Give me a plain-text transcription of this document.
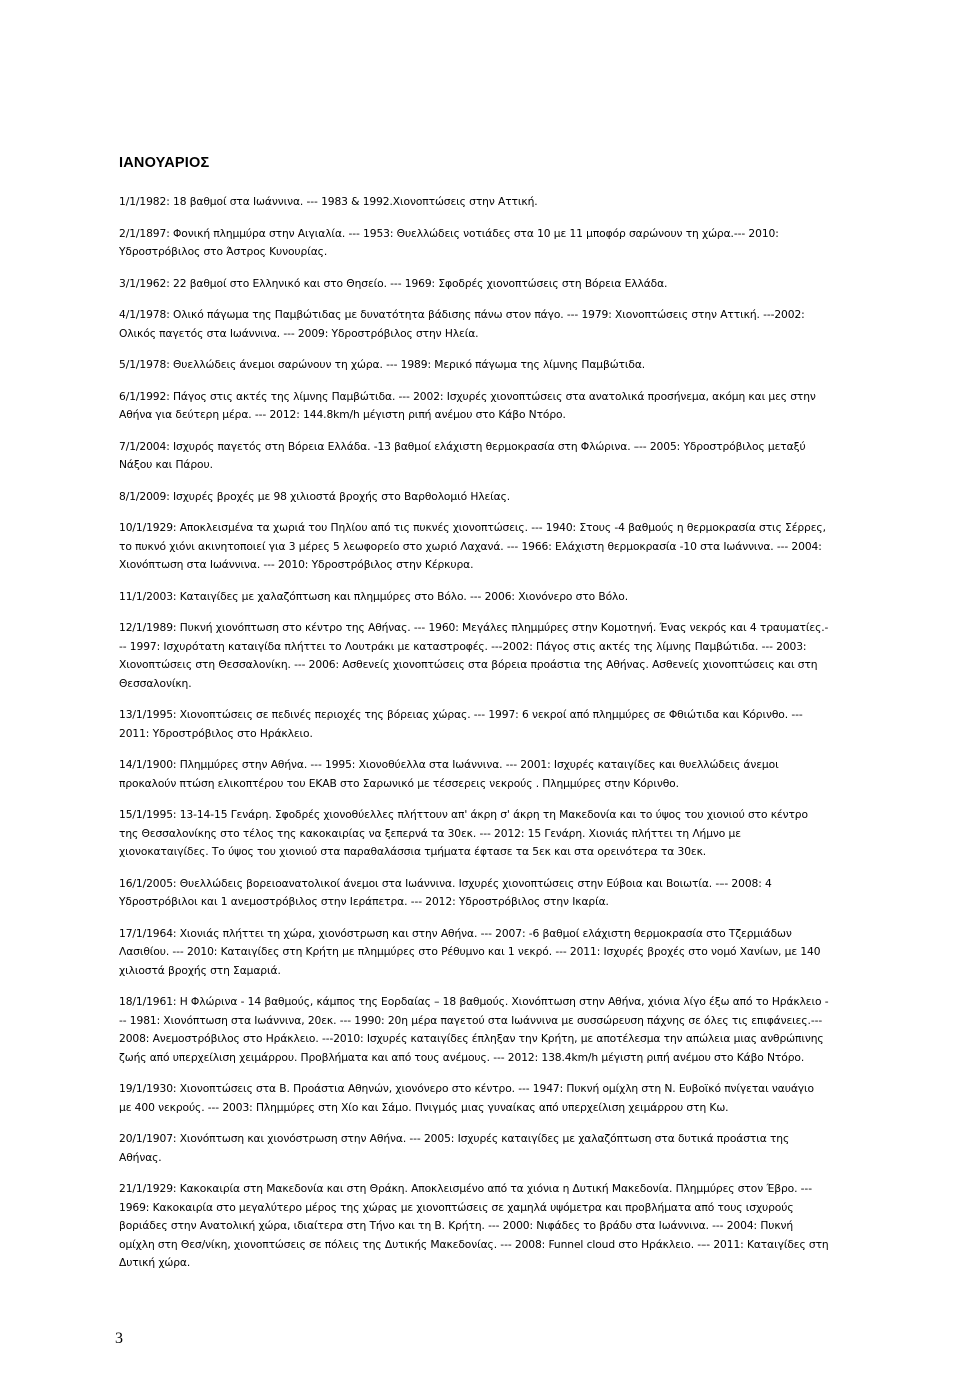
ΙΑΝΟΥΑΡΙΟΣ

1/1/1982: 18 βαθμοί στα Ιωάννινα. --- 1983 & 1992.Χιονοπτώσεις στην Αττική.

2/1/1897: Φονική πλημμύρα στην Αιγιαλία. --- 1953: Θυελλώδεις νοτιάδες στα 10 με 11 μποφόρ σαρώνουν τη χώρα.--- 2010: Υδροστρόβιλος στο Άστρος Κυνουρίας.

3/1/1962: 22 βαθμοί στο Ελληνικό και στο Θησείο. --- 1969: Σφοδρές χιονοπτώσεις στη Βόρεια Ελλάδα.

4/1/1978: Ολικό πάγωμα της Παμβώτιδας με δυνατότητα βάδισης πάνω στον πάγο. --- 1979: Χιονοπτώσεις στην Αττική. ---2002: Ολικός παγετός στα Ιωάννινα. --- 2009: Υδροστρόβιλος στην Ηλεία.

5/1/1978: Θυελλώδεις άνεμοι σαρώνουν τη χώρα. --- 1989: Μερικό πάγωμα της λίμνης Παμβώτιδα.

6/1/1992: Πάγος στις ακτές της λίμνης Παμβώτιδα. --- 2002: Ισχυρές χιονοπτώσεις στα ανατολικά προσήνεμα, ακόμη και μες στην Αθήνα για δεύτερη μέρα. --- 2012: 144.8km/h μέγιστη ριπή ανέμου στο Κάβο Ντόρο.

7/1/2004: Ισχυρός παγετός στη Βόρεια Ελλάδα. -13 βαθμοί ελάχιστη θερμοκρασία στη Φλώρινα. –-- 2005: Υδροστρόβιλος μεταξύ Νάξου και Πάρου.

8/1/2009: Ισχυρές βροχές με 98 χιλιοστά βροχής στο Βαρθολομιό Ηλείας.

10/1/1929: Αποκλεισμένα τα χωριά του Πηλίου από τις πυκνές χιονοπτώσεις. --- 1940: Στους -4 βαθμούς η θερμοκρασία στις Σέρρες, το πυκνό χιόνι ακινητοποιεί για 3 μέρες 5 λεωφορείο στο χωριό Λαχανά. --- 1966: Ελάχιστη θερμοκρασία -10 στα Ιωάννινα. --- 2004: Χιονόπτωση στα Ιωάννινα. --- 2010: Υδροστρόβιλος στην Κέρκυρα.

11/1/2003: Καταιγίδες με χαλαζόπτωση και πλημμύρες στο Βόλο. --- 2006: Χιονόνερο στο Βόλο.

12/1/1989: Πυκνή χιονόπτωση στο κέντρο της Αθήνας. --- 1960: Μεγάλες πλημμύρες στην Κομοτηνή. Ένας νεκρός και 4 τραυματίες.- -- 1997: Ισχυρότατη καταιγίδα πλήττει το Λουτράκι με καταστροφές. ---2002: Πάγος στις ακτές της λίμνης Παμβώτιδα. --- 2003: Χιονοπτώσεις στη Θεσσαλονίκη. --- 2006: Ασθενείς χιονοπτώσεις στα βόρεια προάστια της Αθήνας. Ασθενείς χιονοπτώσεις και στη Θεσσαλονίκη.

13/1/1995: Χιονοπτώσεις σε πεδινές περιοχές της βόρειας χώρας. --- 1997: 6 νεκροί από πλημμύρες σε Φθιώτιδα και Κόρινθο. --- 2011: Υδροστρόβιλος στο Ηράκλειο.

14/1/1900: Πλημμύρες στην Αθήνα. --- 1995: Χιονοθύελλα στα Ιωάννινα. --- 2001: Ισχυρές καταιγίδες και θυελλώδεις άνεμοι προκαλούν πτώση ελικοπτέρου του ΕΚΑΒ στο Σαρωνικό με τέσσερεις νεκρούς . Πλημμύρες στην Κόρινθο.

15/1/1995: 13-14-15 Γενάρη. Σφοδρές χιονοθύελλες πλήττουν απ' άκρη σ' άκρη τη Μακεδονία και το ύψος του χιονιού στο κέντρο της Θεσσαλονίκης στο τέλος της κακοκαιρίας να ξεπερνά τα 30εκ. --- 2012: 15 Γενάρη. Χιονιάς πλήττει τη Λήμνο με χιονοκαταιγίδες. Το ύψος του χιονιού στα παραθαλάσσια τμήματα έφτασε τα 5εκ και στα ορεινότερα τα 30εκ.

16/1/2005: Θυελλώδεις βορειοανατολικοί άνεμοι στα Ιωάννινα. Ισχυρές χιονοπτώσεις στην Εύβοια και Βοιωτία. -–- 2008: 4 Υδροστρόβιλοι και 1 ανεμοστρόβιλος στην Ιεράπετρα. --- 2012: Υδροστρόβιλος στην Ικαρία.

17/1/1964: Χιονιάς πλήττει τη χώρα, χιονόστρωση και στην Αθήνα. --- 2007: -6 βαθμοί ελάχιστη θερμοκρασία στο Τζερμιάδων Λασιθίου. --- 2010: Καταιγίδες στη Κρήτη με πλημμύρες στο Ρέθυμνο και 1 νεκρό. --- 2011: Ισχυρές βροχές στο νομό Χανίων, με 140 χιλιοστά βροχής στη Σαμαριά.

18/1/1961: Η Φλώρινα - 14 βαθμούς, κάμπος της Εορδαίας – 18 βαθμούς. Χιονόπτωση στην Αθήνα, χιόνια λίγο έξω από το Ηράκλειο --- 1981: Χιονόπτωση στα Ιωάννινα, 20εκ. --- 1990: 20η μέρα παγετού στα Ιωάννινα με συσσώρευση πάχνης σε όλες τις επιφάνειες.--- 2008: Ανεμοστρόβιλος στο Ηράκλειο. ---2010: Ισχυρές καταιγίδες έπληξαν την Κρήτη, με αποτέλεσμα την απώλεια μιας ανθρώπινης ζωής από υπερχείλιση χειμάρρου. Προβλήματα και από τους ανέμους. --- 2012: 138.4km/h μέγιστη ριπή ανέμου στο Κάβο Ντόρο.

19/1/1930: Χιονοπτώσεις στα Β. Προάστια Αθηνών, χιονόνερο στο κέντρο. --- 1947: Πυκνή ομίχλη στη Ν. Ευβοϊκό πνίγεται ναυάγιο με 400 νεκρούς. --- 2003: Πλημμύρες στη Χίο και Σάμο. Πνιγμός μιας γυναίκας από υπερχείλιση χειμάρρου στη Κω.

20/1/1907: Χιονόπτωση και χιονόστρωση στην Αθήνα. --- 2005: Ισχυρές καταιγίδες με χαλαζόπτωση στα δυτικά προάστια της Αθήνας.

21/1/1929: Κακοκαιρία στη Μακεδονία και στη Θράκη. Αποκλεισμένο από τα χιόνια η Δυτική Μακεδονία. Πλημμύρες στον Έβρο. --- 1969: Κακοκαιρία στο μεγαλύτερο μέρος της χώρας με χιονοπτώσεις σε χαμηλά υψόμετρα και προβλήματα από τους ισχυρούς βοριάδες στην Ανατολική χώρα, ιδιαίτερα στη Τήνο και τη Β. Κρήτη. --- 2000: Νιφάδες το βράδυ στα Ιωάννινα. --- 2004: Πυκνή ομίχλη στη Θεσ/νίκη, χιονοπτώσεις σε πόλεις της Δυτικής Μακεδονίας. --- 2008: Funnel cloud στο Ηράκλειο. -–- 2011: Καταιγίδες στη Δυτική χώρα.

3
